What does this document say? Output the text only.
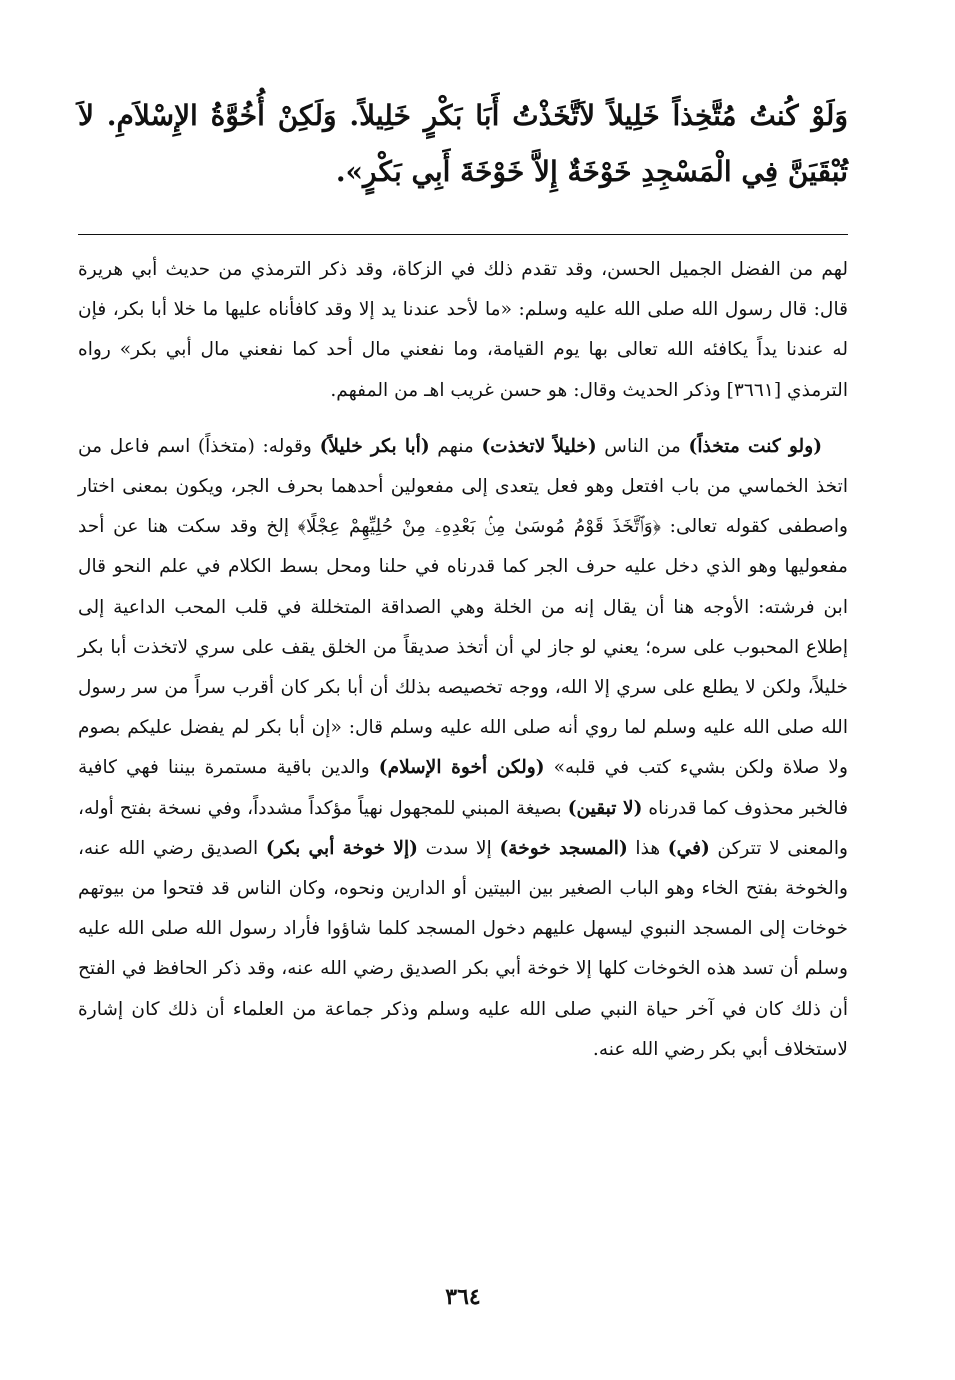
وَلَوْ كُنتُ مُتَّخِذاً خَلِيلاً لاَتَّخَذْتُ أَبَا بَكْرٍ خَلِيلاً. وَلَكِنْ أُخُوَّةُ الإِسْلاَمِ. لاَ تُبْقَيَنَّ فِي الْمَسْجِدِ خَوْخَةٌ إِلاَّ خَوْخَةَ أَبِي بَكْرٍ».

لهم من الفضل الجميل الحسن، وقد تقدم ذلك في الزكاة، وقد ذكر الترمذي من حديث أبي هريرة قال: قال رسول الله صلى الله عليه وسلم: «ما لأحد عندنا يد إلا وقد كافأناه عليها ما خلا أبا بكر، فإن له عندنا يداً يكافئه الله تعالى بها يوم القيامة، وما نفعني مال أحد كما نفعني مال أبي بكر» رواه الترمذي [٣٦٦١] وذكر الحديث وقال: هو حسن غريب اهـ من المفهم.

(ولو كنت متخذاً) من الناس (خليلاً لاتخذت) منهم (أبا بكر خليلاً) وقوله: (متخذاً) اسم فاعل من اتخذ الخماسي من باب افتعل وهو فعل يتعدى إلى مفعولين أحدهما بحرف الجر، ويكون بمعنى اختار واصطفى كقوله تعالى: ﴿وَٱتَّخَذَ قَوْمُ مُوسَىٰ مِنۢ بَعْدِهِۦ مِنْ حُلِيِّهِمْ عِجْلًا﴾ إلخ وقد سكت هنا عن أحد مفعوليها وهو الذي دخل عليه حرف الجر كما قدرناه في حلنا ومحل بسط الكلام في علم النحو قال ابن فرشته: الأوجه هنا أن يقال إنه من الخلة وهي الصداقة المتخللة في قلب المحب الداعية إلى إطلاع المحبوب على سره؛ يعني لو جاز لي أن أتخذ صديقاً من الخلق يقف على سري لاتخذت أبا بكر خليلاً، ولكن لا يطلع على سري إلا الله، ووجه تخصيصه بذلك أن أبا بكر كان أقرب سراً من سر رسول الله صلى الله عليه وسلم لما روي أنه صلى الله عليه وسلم قال: «إن أبا بكر لم يفضل عليكم بصوم ولا صلاة ولكن بشيء كتب في قلبه» (ولكن أخوة الإسلام) والدين باقية مستمرة بيننا فهي كافية فالخبر محذوف كما قدرناه (لا تبقين) بصيغة المبني للمجهول نهياً مؤكداً مشدداً، وفي نسخة بفتح أوله، والمعنى لا تتركن (في) هذا (المسجد خوخة) إلا سدت (إلا خوخة أبي بكر) الصديق رضي الله عنه، والخوخة بفتح الخاء وهو الباب الصغير بين البيتين أو الدارين ونحوه، وكان الناس قد فتحوا من بيوتهم خوخات إلى المسجد النبوي ليسهل عليهم دخول المسجد كلما شاؤوا فأراد رسول الله صلى الله عليه وسلم أن تسد هذه الخوخات كلها إلا خوخة أبي بكر الصديق رضي الله عنه، وقد ذكر الحافظ في الفتح أن ذلك كان في آخر حياة النبي صلى الله عليه وسلم وذكر جماعة من العلماء أن ذلك كان إشارة لاستخلاف أبي بكر رضي الله عنه.

٣٦٤
